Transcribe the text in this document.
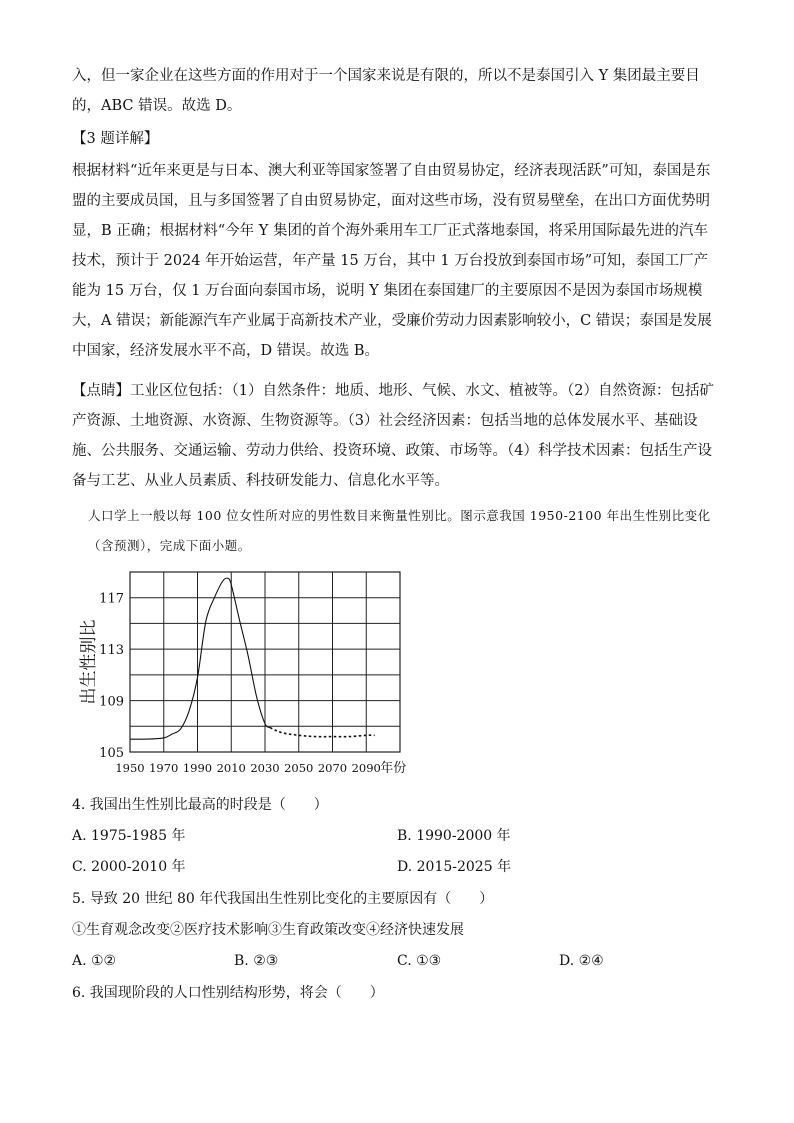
入，但一家企业在这些方面的作用对于一个国家来说是有限的，所以不是泰国引入 Y 集团最主要目的，ABC 错误。故选 D。

【3 题详解】

根据材料“近年来更是与日本、澳大利亚等国家签署了自由贸易协定，经济表现活跃”可知，泰国是东盟的主要成员国，且与多国签署了自由贸易协定，面对这些市场，没有贸易壁垒，在出口方面优势明显，B 正确；根据材料“今年 Y 集团的首个海外乘用车工厂正式落地泰国，将采用国际最先进的汽车技术，预计于 2024 年开始运营，年产量 15 万台，其中 1 万台投放到泰国市场”可知，泰国工厂产能为 15 万台，仅 1 万台面向泰国市场，说明 Y 集团在泰国建厂的主要原因不是因为泰国市场规模大，A 错误；新能源汽车产业属于高新技术产业，受廉价劳动力因素影响较小，C 错误；泰国是发展中国家，经济发展水平不高，D 错误。故选 B。

【点睛】工业区位包括：（1）自然条件：地质、地形、气候、水文、植被等。（2）自然资源：包括矿产资源、土地资源、水资源、生物资源等。（3）社会经济因素：包括当地的总体发展水平、基础设施、公共服务、交通运输、劳动力供给、投资环境、政策、市场等。（4）科学技术因素：包括生产设备与工艺、从业人员素质、科技研发能力、信息化水平等。

人口学上一般以每 100 位女性所对应的男性数目来衡量性别比。图示意我国 1950-2100 年出生性别比变化（含预测），完成下面小题。

105
109
113
117
1950 1970 1990 2010 2030 2050 2070 2090
出生性别比
年份

4. 我国出生性别比最高的时段是（　　）

A. 1975-1985 年	B. 1990-2000 年

C. 2000-2010 年	D. 2015-2025 年

5. 导致 20 世纪 80 年代我国出生性别比变化的主要原因有（　　）

①生育观念改变②医疗技术影响③生育政策改变④经济快速发展

A. ①②	B. ②③	C. ①③	D. ②④

6. 我国现阶段的人口性别结构形势，将会（　　）
